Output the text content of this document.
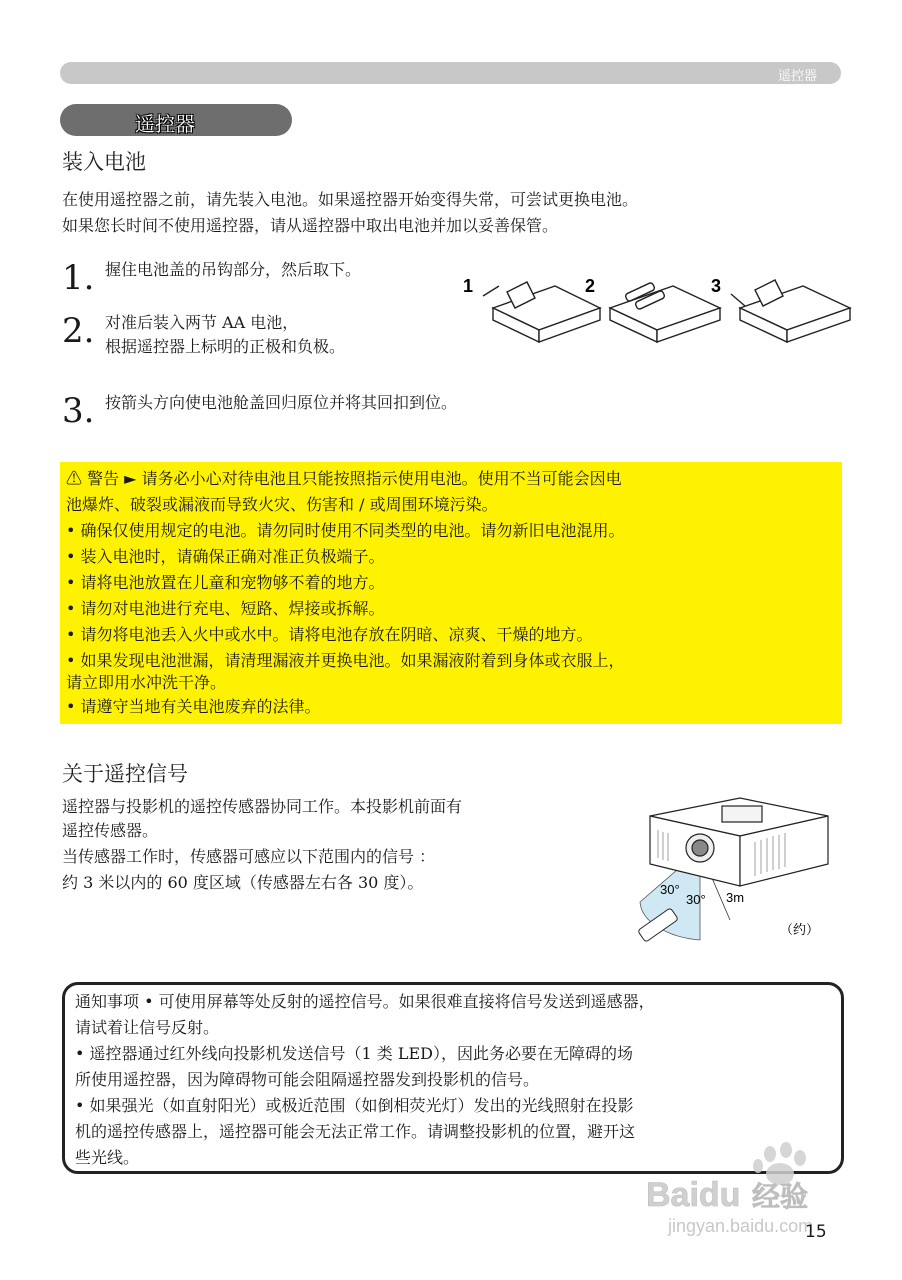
遥控器
遥控器
装入电池
在使用遥控器之前，请先装入电池。如果遥控器开始变得失常，可尝试更换电池。
如果您长时间不使用遥控器，请从遥控器中取出电池并加以妥善保管。
1. 握住电池盖的吊钩部分，然后取下。
2. 对准后装入两节 AA 电池，
根据遥控器上标明的正极和负极。
3. 按箭头方向使电池舱盖回归原位并将其回扣到位。
1	2	3
⚠ 警告 ► 请务必小心对待电池且只能按照指示使用电池。使用不当可能会因电
池爆炸、破裂或漏液而导致火灾、伤害和 / 或周围环境污染。
• 确保仅使用规定的电池。请勿同时使用不同类型的电池。请勿新旧电池混用。
• 装入电池时，请确保正确对准正负极端子。
• 请将电池放置在儿童和宠物够不着的地方。
• 请勿对电池进行充电、短路、焊接或拆解。
• 请勿将电池丢入火中或水中。请将电池存放在阴暗、凉爽、干燥的地方。
• 如果发现电池泄漏，请清理漏液并更换电池。如果漏液附着到身体或衣服上，
请立即用水冲洗干净。
• 请遵守当地有关电池废弃的法律。
关于遥控信号
遥控器与投影机的遥控传感器协同工作。本投影机前面有
遥控传感器。
当传感器工作时，传感器可感应以下范围内的信号 ：
约 3 米以内的 60 度区域（传感器左右各 30 度）。	30°
30° 3m
（约）
通知事项 • 可使用屏幕等处反射的遥控信号。如果很难直接将信号发送到遥感器，
请试着让信号反射。
• 遥控器通过红外线向投影机发送信号（1 类 LED），因此务必要在无障碍的场
所使用遥控器，因为障碍物可能会阻隔遥控器发到投影机的信号。
• 如果强光（如直射阳光）或极近范围（如倒相荧光灯）发出的光线照射在投影
机的遥控传感器上，遥控器可能会无法正常工作。请调整投影机的位置，避开这
些光线。
Baidu 经验
jingyan.baidu.com
15
